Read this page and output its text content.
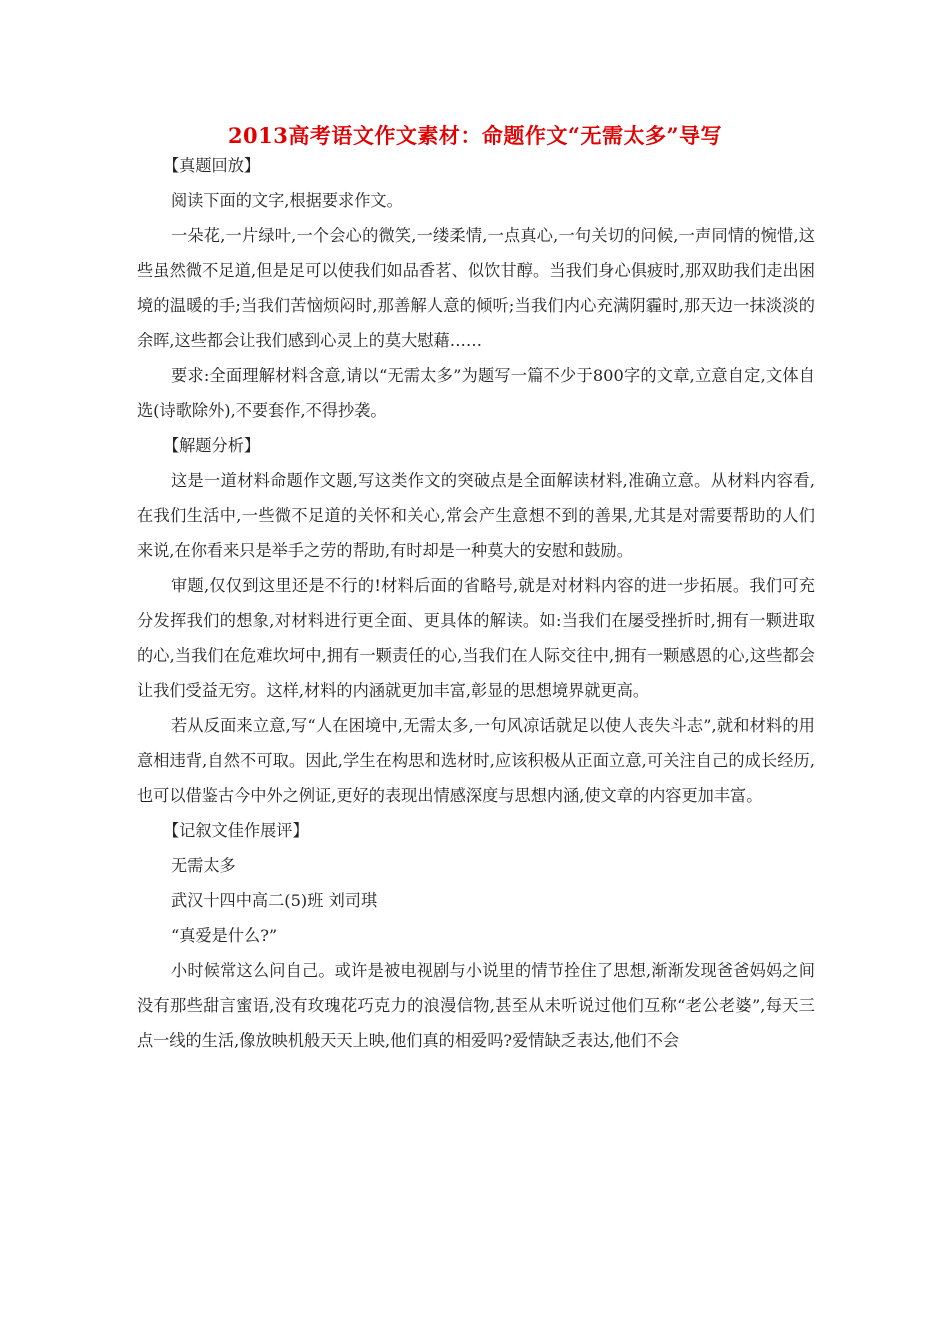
2013高考语文作文素材：命题作文“无需太多”导写
【真题回放】
阅读下面的文字,根据要求作文。
一朵花,一片绿叶,一个会心的微笑,一缕柔情,一点真心,一句关切的问候,一声同情的惋惜,这些虽然微不足道,但是足可以使我们如品香茗、似饮甘醇。当我们身心俱疲时,那双助我们走出困境的温暖的手;当我们苦恼烦闷时,那善解人意的倾听;当我们内心充满阴霾时,那天边一抹淡淡的余晖,这些都会让我们感到心灵上的莫大慰藉……
要求:全面理解材料含意,请以“无需太多”为题写一篇不少于800字的文章,立意自定,文体自选(诗歌除外),不要套作,不得抄袭。
【解题分析】
这是一道材料命题作文题,写这类作文的突破点是全面解读材料,准确立意。从材料内容看,在我们生活中,一些微不足道的关怀和关心,常会产生意想不到的善果,尤其是对需要帮助的人们来说,在你看来只是举手之劳的帮助,有时却是一种莫大的安慰和鼓励。
审题,仅仅到这里还是不行的!材料后面的省略号,就是对材料内容的进一步拓展。我们可充分发挥我们的想象,对材料进行更全面、更具体的解读。如:当我们在屡受挫折时,拥有一颗进取的心,当我们在危难坎坷中,拥有一颗责任的心,当我们在人际交往中,拥有一颗感恩的心,这些都会让我们受益无穷。这样,材料的内涵就更加丰富,彰显的思想境界就更高。
若从反面来立意,写“人在困境中,无需太多,一句风凉话就足以使人丧失斗志”,就和材料的用意相违背,自然不可取。因此,学生在构思和选材时,应该积极从正面立意,可关注自己的成长经历,也可以借鉴古今中外之例证,更好的表现出情感深度与思想内涵,使文章的内容更加丰富。
【记叙文佳作展评】
无需太多
武汉十四中高二(5)班 刘司琪
“真爱是什么?”
小时候常这么问自己。或许是被电视剧与小说里的情节拴住了思想,渐渐发现爸爸妈妈之间没有那些甜言蜜语,没有玫瑰花巧克力的浪漫信物,甚至从未听说过他们互称“老公老婆”,每天三点一线的生活,像放映机般天天上映,他们真的相爱吗?爱情缺乏表达,他们不会
